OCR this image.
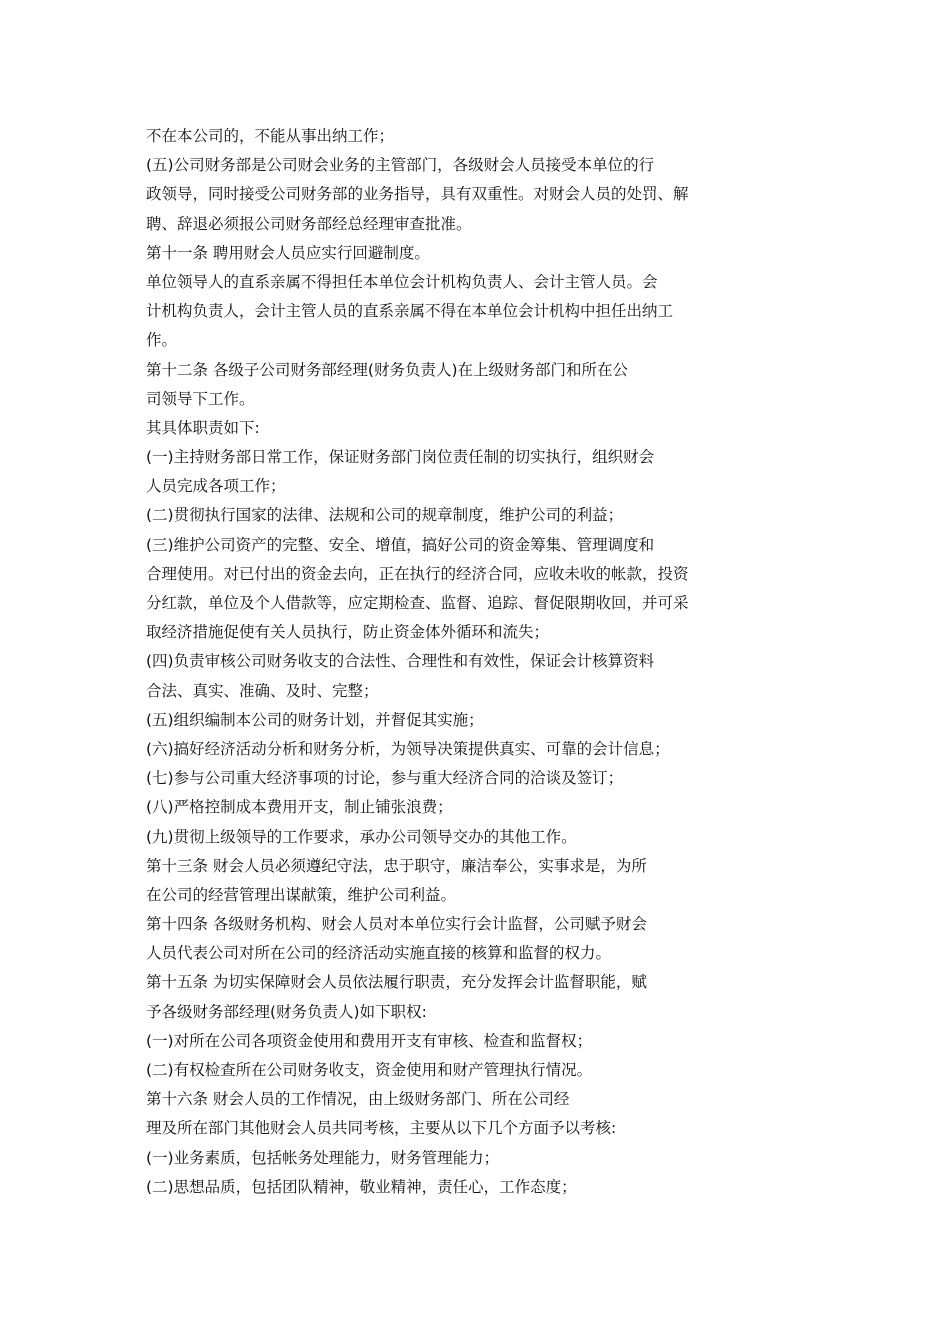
不在本公司的，不能从事出纳工作；
(五)公司财务部是公司财会业务的主管部门，各级财会人员接受本单位的行
政领导，同时接受公司财务部的业务指导，具有双重性。对财会人员的处罚、解
聘、辞退必须报公司财务部经总经理审查批准。
第十一条 聘用财会人员应实行回避制度。
单位领导人的直系亲属不得担任本单位会计机构负责人、会计主管人员。会
计机构负责人，会计主管人员的直系亲属不得在本单位会计机构中担任出纳工
作。
第十二条 各级子公司财务部经理(财务负责人)在上级财务部门和所在公
司领导下工作。
其具体职责如下:
(一)主持财务部日常工作，保证财务部门岗位责任制的切实执行，组织财会
人员完成各项工作；
(二)贯彻执行国家的法律、法规和公司的规章制度，维护公司的利益；
(三)维护公司资产的完整、安全、增值，搞好公司的资金筹集、管理调度和
合理使用。对已付出的资金去向，正在执行的经济合同，应收未收的帐款，投资
分红款，单位及个人借款等，应定期检查、监督、追踪、督促限期收回，并可采
取经济措施促使有关人员执行，防止资金体外循环和流失；
(四)负责审核公司财务收支的合法性、合理性和有效性，保证会计核算资料
合法、真实、准确、及时、完整；
(五)组织编制本公司的财务计划，并督促其实施；
(六)搞好经济活动分析和财务分析，为领导决策提供真实、可靠的会计信息；
(七)参与公司重大经济事项的讨论，参与重大经济合同的洽谈及签订；
(八)严格控制成本费用开支，制止铺张浪费；
(九)贯彻上级领导的工作要求，承办公司领导交办的其他工作。
第十三条 财会人员必须遵纪守法，忠于职守，廉洁奉公，实事求是，为所
在公司的经营管理出谋献策，维护公司利益。
第十四条 各级财务机构、财会人员对本单位实行会计监督，公司赋予财会
人员代表公司对所在公司的经济活动实施直接的核算和监督的权力。
第十五条 为切实保障财会人员依法履行职责，充分发挥会计监督职能，赋
予各级财务部经理(财务负责人)如下职权:
(一)对所在公司各项资金使用和费用开支有审核、检查和监督权；
(二)有权检查所在公司财务收支，资金使用和财产管理执行情况。
第十六条 财会人员的工作情况，由上级财务部门、所在公司经
理及所在部门其他财会人员共同考核，主要从以下几个方面予以考核:
(一)业务素质，包括帐务处理能力，财务管理能力；
(二)思想品质，包括团队精神，敬业精神，责任心，工作态度；
